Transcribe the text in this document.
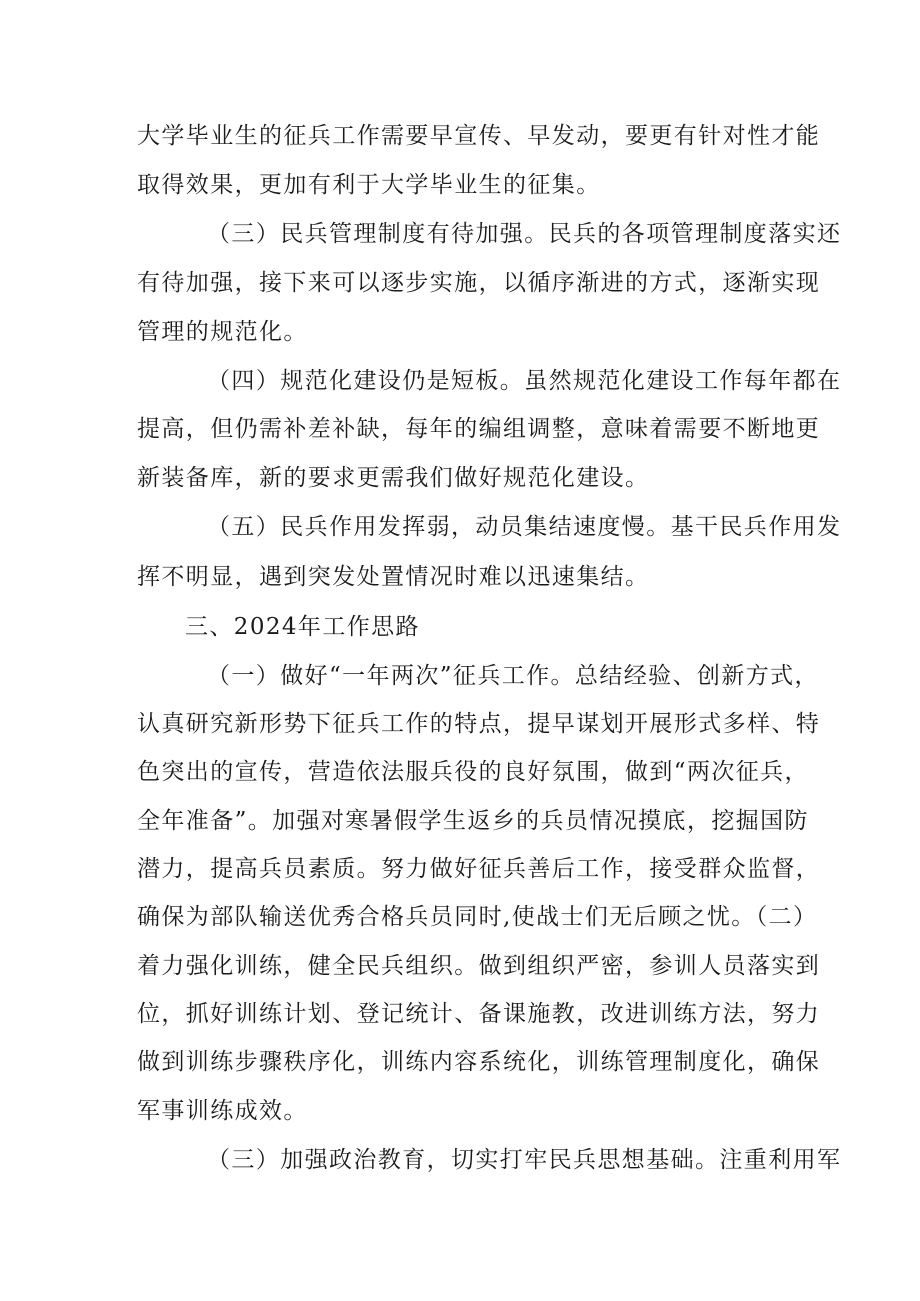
大学毕业生的征兵工作需要早宣传、早发动，要更有针对性才能
取得效果，更加有利于大学毕业生的征集。
（三）民兵管理制度有待加强。民兵的各项管理制度落实还
有待加强，接下来可以逐步实施，以循序渐进的方式，逐渐实现
管理的规范化。
（四）规范化建设仍是短板。虽然规范化建设工作每年都在
提高，但仍需补差补缺，每年的编组调整，意味着需要不断地更
新装备库，新的要求更需我们做好规范化建设。
（五）民兵作用发挥弱，动员集结速度慢。基干民兵作用发
挥不明显，遇到突发处置情况时难以迅速集结。
三、2024年工作思路
（一）做好“一年两次”征兵工作。总结经验、创新方式，
认真研究新形势下征兵工作的特点，提早谋划开展形式多样、特
色突出的宣传，营造依法服兵役的良好氛围，做到“两次征兵，
全年准备”。加强对寒暑假学生返乡的兵员情况摸底，挖掘国防
潜力，提高兵员素质。努力做好征兵善后工作，接受群众监督，
确保为部队输送优秀合格兵员同时,使战士们无后顾之忧。（二）
着力强化训练，健全民兵组织。做到组织严密，参训人员落实到
位，抓好训练计划、登记统计、备课施教，改进训练方法，努力
做到训练步骤秩序化，训练内容系统化，训练管理制度化，确保
军事训练成效。
（三）加强政治教育，切实打牢民兵思想基础。注重利用军
